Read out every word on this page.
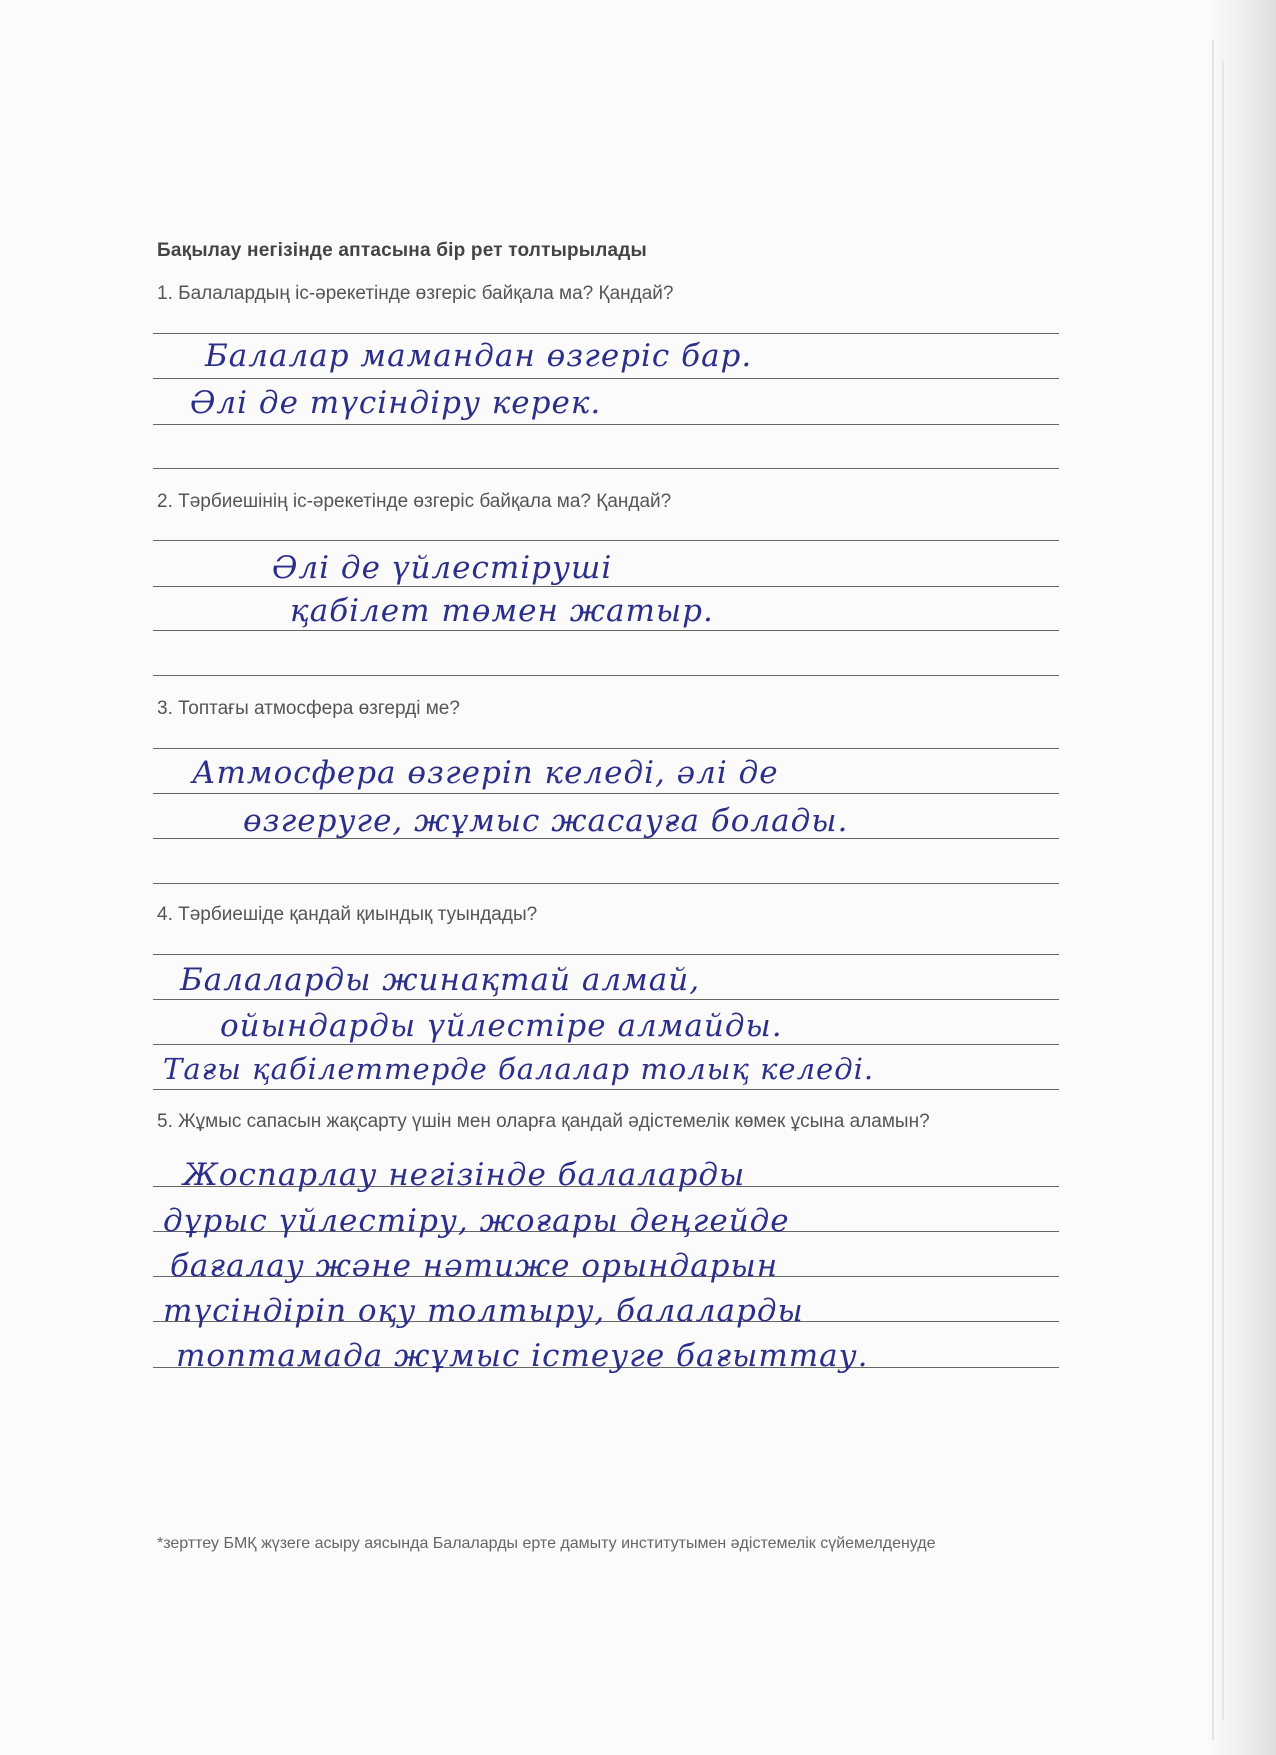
Бақылау негізінде аптасына бір рет толтырылады
1. Балалардың іс-әрекетінде өзгеріс байқала ма? Қандай?
Балалар мамандан өзгеріс бар.
Әлі де түсіндіру керек.
2. Тәрбиешінің іс-әрекетінде өзгеріс байқала ма? Қандай?
Әлі де үйлестіруші
қабілет төмен жатыр.
3. Топтағы атмосфера өзгерді ме?
Атмосфера өзгеріп келеді, әлі де
өзгеруге, жұмыс жасауға болады.
4. Тәрбиешіде қандай қиындық туындады?
Балаларды жинақтай алмай,
ойындарды үйлестіре алмайды.
Тағы қабілеттерде балалар толық келеді.
5. Жұмыс сапасын жақсарту үшін мен оларға қандай әдістемелік көмек ұсына аламын?
Жоспарлау негізінде балаларды
дұрыс үйлестіру, жоғары деңгейде
бағалау және нәтиже орындарын
түсіндіріп оқу толтыру, балаларды
топтамада жұмыс істеуге бағыттау.
*зерттеу БМҚ жүзеге асыру аясында Балаларды ерте дамыту институтымен әдістемелік сүйемелденуде
